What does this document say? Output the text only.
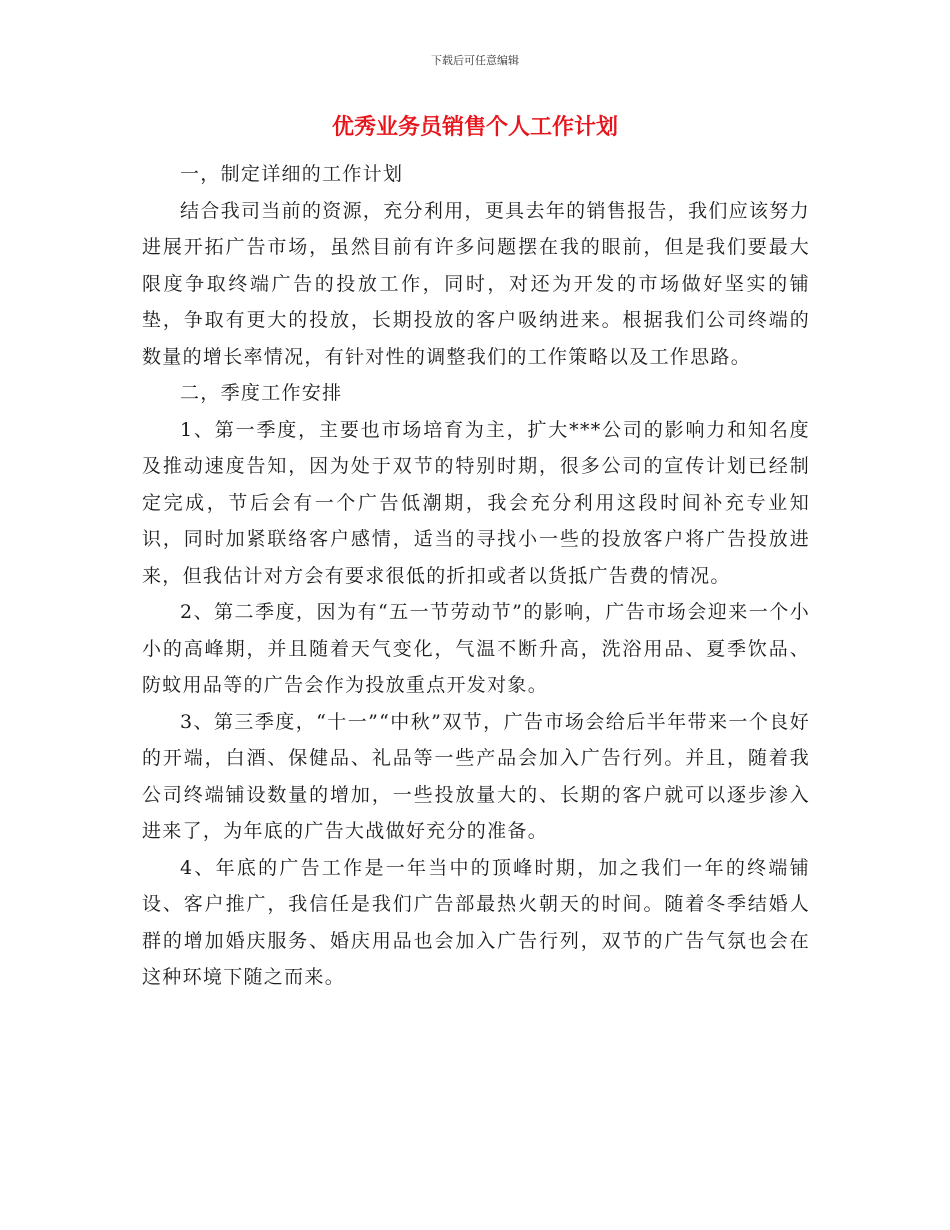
下载后可任意编辑
优秀业务员销售个人工作计划

一，制定详细的工作计划

结合我司当前的资源，充分利用，更具去年的销售报告，我们应该努力进展开拓广告市场，虽然目前有许多问题摆在我的眼前，但是我们要最大限度争取终端广告的投放工作，同时，对还为开发的市场做好坚实的铺垫，争取有更大的投放，长期投放的客户吸纳进来。根据我们公司终端的数量的增长率情况，有针对性的调整我们的工作策略以及工作思路。

二，季度工作安排

1、第一季度，主要也市场培育为主，扩大***公司的影响力和知名度及推动速度告知，因为处于双节的特别时期，很多公司的宣传计划已经制定完成，节后会有一个广告低潮期，我会充分利用这段时间补充专业知识，同时加紧联络客户感情，适当的寻找小一些的投放客户将广告投放进来，但我估计对方会有要求很低的折扣或者以货抵广告费的情况。

2、第二季度，因为有“五一节劳动节”的影响，广告市场会迎来一个小小的高峰期，并且随着天气变化，气温不断升高，洗浴用品、夏季饮品、防蚊用品等的广告会作为投放重点开发对象。

3、第三季度，“十一”“中秋”双节，广告市场会给后半年带来一个良好的开端，白酒、保健品、礼品等一些产品会加入广告行列。并且，随着我公司终端铺设数量的增加，一些投放量大的、长期的客户就可以逐步渗入进来了，为年底的广告大战做好充分的准备。

4、年底的广告工作是一年当中的顶峰时期，加之我们一年的终端铺设、客户推广，我信任是我们广告部最热火朝天的时间。随着冬季结婚人群的增加婚庆服务、婚庆用品也会加入广告行列，双节的广告气氛也会在这种环境下随之而来。
